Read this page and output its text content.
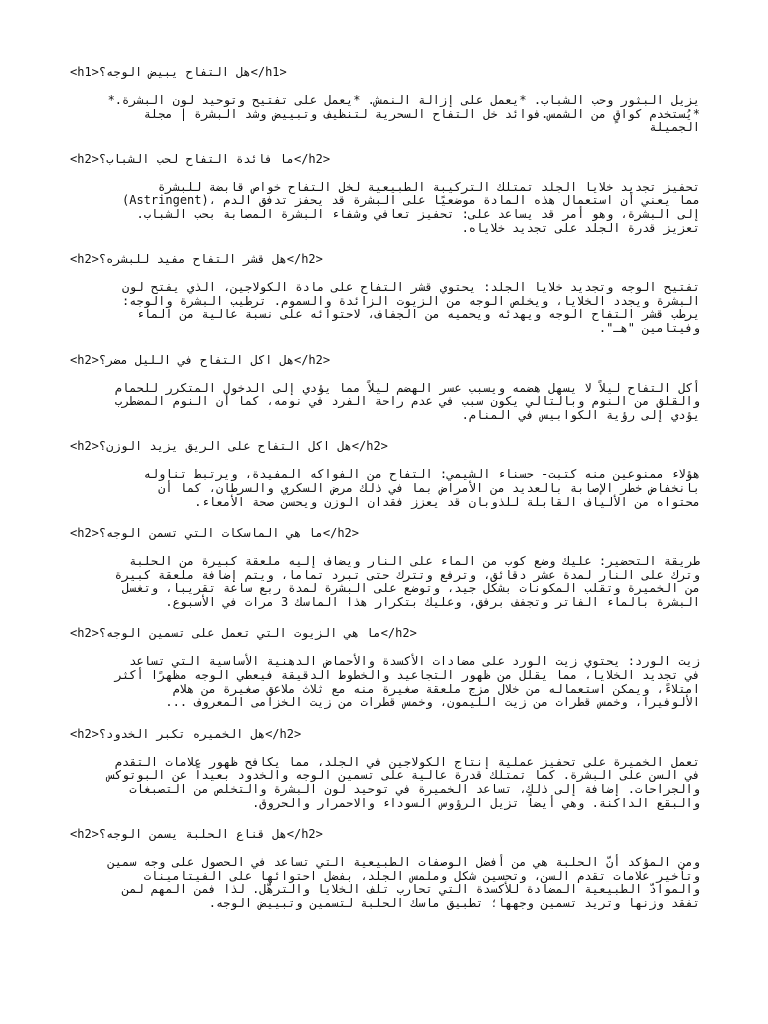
<h1>هل التفاح يبيض الوجه؟</h1>
يزيل البثور وحب الشباب. *يعمل على إزالة النمش. *يعمل على تفتيح وتوحيد لون البشرة.*
*يُستخدم كواقٍ من الشمس.فوائد خل التفاح السحرية لتنظيف وتبييض وشد البشرة | مجلة
الجميلة
<h2>ما فائدة التفاح لحب الشباب؟</h2>
تحفيز تجديد خلايا الجلد تمتلك التركيبة الطبيعية لخل التفاح خواص قابضة للبشرة
(Astringent)، مما يعني أن استعمال هذه المادة موضعيًا على البشرة قد يحفز تدفق الدم
إلى البشرة، وهو أمر قد يساعد على: تحفيز تعافي وشفاء البشرة المصابة بحب الشباب.
تعزيز قدرة الجلد على تجديد خلاياه.
<h2>هل قشر التفاح مفيد للبشره؟</h2>
تفتيح الوجه وتجديد خلايا الجلد: يحتوي قشر التفاح على مادة الكولاجين، الذي يفتح لون
البشرة ويجدد الخلايا، ويخلص الوجه من الزيوت الزائدة والسموم. ترطيب البشرة والوجه:
يرطب قشر التفاح الوجه ويهدئه ويحميه من الجفاف، لاحتوائه على نسبة عالية من الماء
وفيتامين "هـ".
<h2>هل اكل التفاح في الليل مضر؟</h2>
أكل التفاح ليلاً لا يسهل هضمه ويسبب عسر الهضم ليلاً مما يؤدي إلى الدخول المتكرر للحمام
والقلق من النوم وبالتالي يكون سبب في عدم راحة الفرد في نومه، كما أن النوم المضطرب
يؤدي إلى رؤية الكوابيس في المنام.
<h2>هل اكل التفاح على الريق يزيد الوزن؟</h2>
هؤلاء ممنوعين منه كتبت- حسناء الشيمي: التفاح من الفواكه المفيدة، ويرتبط تناوله
بانخفاض خطر الإصابة بالعديد من الأمراض بما في ذلك مرض السكري والسرطان، كما أن
محتواه من الألياف القابلة للذوبان قد يعزز فقدان الوزن ويحسن صحة الأمعاء.
<h2>ما هي الماسكات التي تسمن الوجه؟</h2>
طريقة التحضير: عليك وضع كوب من الماء على النار ويضاف إليه ملعقة كبيرة من الحلبة
وترك على النار لمدة عشر دقائق، وترفع وتترك حتى تبرد تماما، ويتم إضافة ملعقة كبيرة
من الخميرة وتقلب المكونات بشكل جيد، وتوضع على البشرة لمدة ربع ساعة تقريبا، وتغسل
البشرة بالماء الفاتر وتجفف برفق، وعليك بتكرار هذا الماسك 3 مرات في الأسبوع.
<h2>ما هي الزيوت التي تعمل على تسمين الوجه؟</h2>
زيت الورد: يحتوي زيت الورد على مضادات الأكسدة والأحماض الدهنية الأساسية التي تساعد
في تجديد الخلايا، مما يقلل من ظهور التجاعيد والخطوط الدقيقة فيعطي الوجه مظهرًا أكثر
امتلاءً، ويمكن استعماله من خلال مزج ملعقة صغيرة منه مع ثلاث ملاعق صغيرة من هلام
الألوفيرا، وخمس قطرات من زيت الليمون، وخمس قطرات من زيت الخزامى المعروف ...
<h2>هل الخميره تكبر الخدود؟</h2>
تعمل الخميرة على تحفيز عملية إنتاج الكولاجين في الجلد، مما يكافح ظهور علامات التقدم
في السن على البشرة. كما تمتلك قدرة عالية على تسمين الوجه والخدود بعيداً عن البوتوكس
والجراحات. إضافة إلى ذلك، تساعد الخميرة في توحيد لون البشرة والتخلص من التصبغات
والبقع الداكنة. وهي أيضاً تزيل الرؤوس السوداء والاحمرار والحروق.
<h2>هل قناع الحلبة يسمن الوجه؟</h2>
ومن المؤكد أنّ الحلبة هي من أفضل الوصفات الطبيعية التي تساعد في الحصول على وجه سمين
وتأخير علامات تقدم السن، وتحسين شكل وملمس الجلد، بفضل احتوائها على الفيتامينات
والموادّ الطبيعية المضادة للأكسدة التي تحارب تلف الخلايا والترهّل. لذا فمن المهم لمن
تفقد وزنها وتريد تسمين وجهها؛ تطبيق ماسك الحلبة لتسمين وتبييض الوجه.
